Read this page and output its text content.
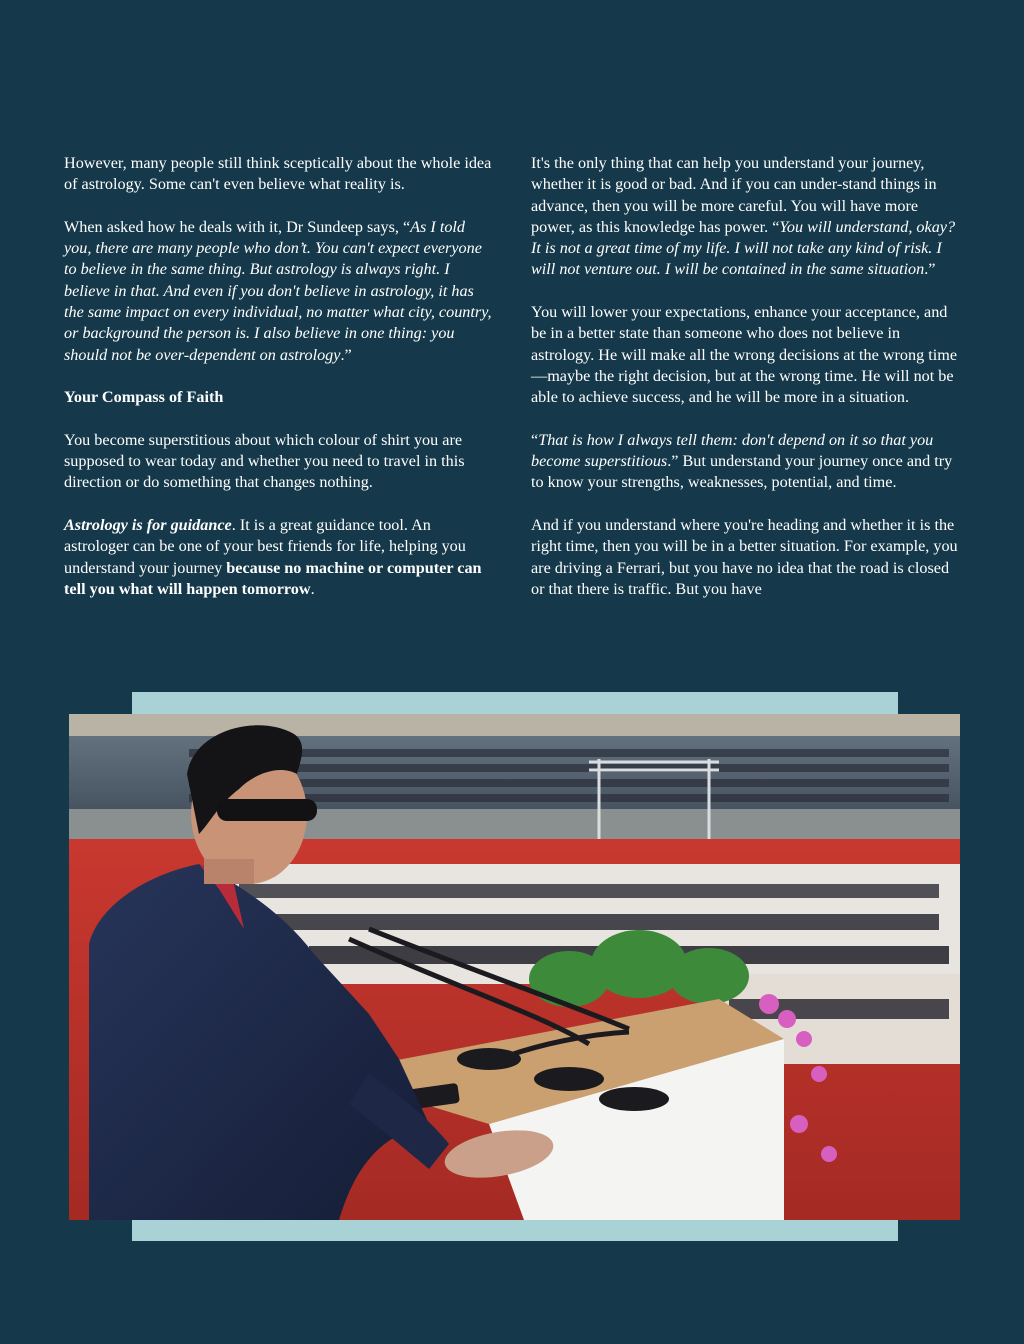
However, many people still think sceptically about the whole idea of astrology. Some can't even believe what reality is.

When asked how he deals with it, Dr Sundeep says, “As I told you, there are many people who don’t. You can't expect everyone to believe in the same thing. But astrology is always right. I believe in that. And even if you don't believe in astrology, it has the same impact on every individual, no matter what city, country, or background the person is. I also believe in one thing: you should not be over-dependent on astrology.”

Your Compass of Faith

You become superstitious about which colour of shirt you are supposed to wear today and whether you need to travel in this direction or do something that changes nothing.

Astrology is for guidance. It is a great guidance tool. An astrologer can be one of your best friends for life, helping you understand your journey because no machine or computer can tell you what will happen tomorrow.

It's the only thing that can help you understand your journey, whether it is good or bad. And if you can under-stand things in advance, then you will be more careful. You will have more power, as this knowledge has power. “You will understand, okay? It is not a great time of my life. I will not take any kind of risk. I will not venture out. I will be contained in the same situation.”

You will lower your expectations, enhance your acceptance, and be in a better state than someone who does not believe in astrology. He will make all the wrong decisions at the wrong time—maybe the right decision, but at the wrong time. He will not be able to achieve success, and he will be more in a situation.

“That is how I always tell them: don't depend on it so that you become superstitious.” But understand your journey once and try to know your strengths, weaknesses, potential, and time.

And if you understand where you're heading and whether it is the right time, then you will be in a better situation. For example, you are driving a Ferrari, but you have no idea that the road is closed or that there is traffic. But you have
